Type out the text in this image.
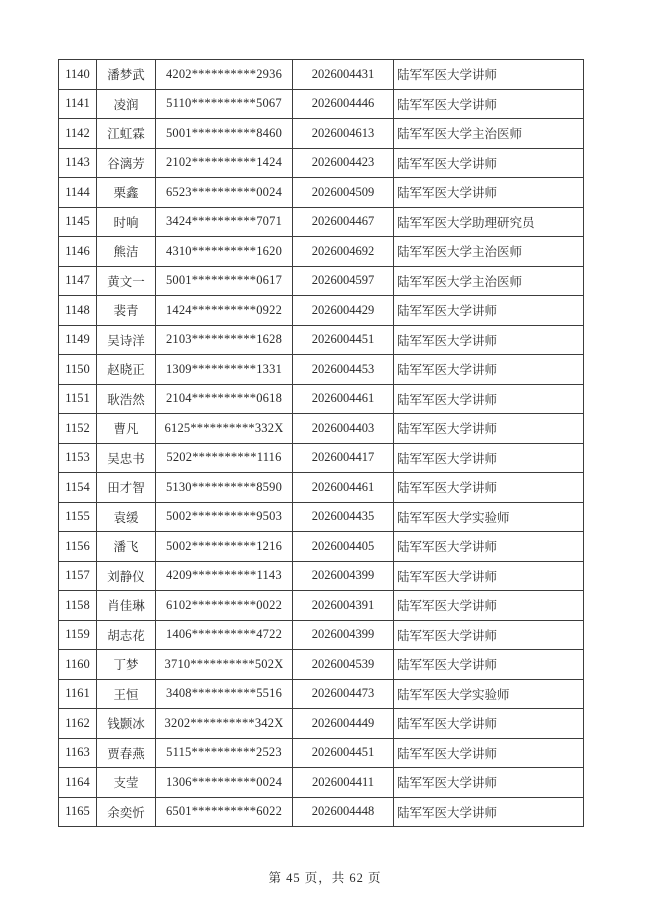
1140	潘梦武	4202**********2936	2026004431	陆军军医大学讲师
1141	凌润	5110**********5067	2026004446	陆军军医大学讲师
1142	江虹霖	5001**********8460	2026004613	陆军军医大学主治医师
1143	谷漓芳	2102**********1424	2026004423	陆军军医大学讲师
1144	栗鑫	6523**********0024	2026004509	陆军军医大学讲师
1145	时响	3424**********7071	2026004467	陆军军医大学助理研究员
1146	熊洁	4310**********1620	2026004692	陆军军医大学主治医师
1147	黄文一	5001**********0617	2026004597	陆军军医大学主治医师
1148	裴青	1424**********0922	2026004429	陆军军医大学讲师
1149	吴诗洋	2103**********1628	2026004451	陆军军医大学讲师
1150	赵晓正	1309**********1331	2026004453	陆军军医大学讲师
1151	耿浩然	2104**********0618	2026004461	陆军军医大学讲师
1152	曹凡	6125**********332X	2026004403	陆军军医大学讲师
1153	吴忠书	5202**********1116	2026004417	陆军军医大学讲师
1154	田才智	5130**********8590	2026004461	陆军军医大学讲师
1155	袁缓	5002**********9503	2026004435	陆军军医大学实验师
1156	潘飞	5002**********1216	2026004405	陆军军医大学讲师
1157	刘静仪	4209**********1143	2026004399	陆军军医大学讲师
1158	肖佳琳	6102**********0022	2026004391	陆军军医大学讲师
1159	胡志花	1406**********4722	2026004399	陆军军医大学讲师
1160	丁梦	3710**********502X	2026004539	陆军军医大学讲师
1161	王恒	3408**********5516	2026004473	陆军军医大学实验师
1162	钱颢冰	3202**********342X	2026004449	陆军军医大学讲师
1163	贾春燕	5115**********2523	2026004451	陆军军医大学讲师
1164	支莹	1306**********0024	2026004411	陆军军医大学讲师
1165	余奕忻	6501**********6022	2026004448	陆军军医大学讲师
第 45 页，共 62 页
